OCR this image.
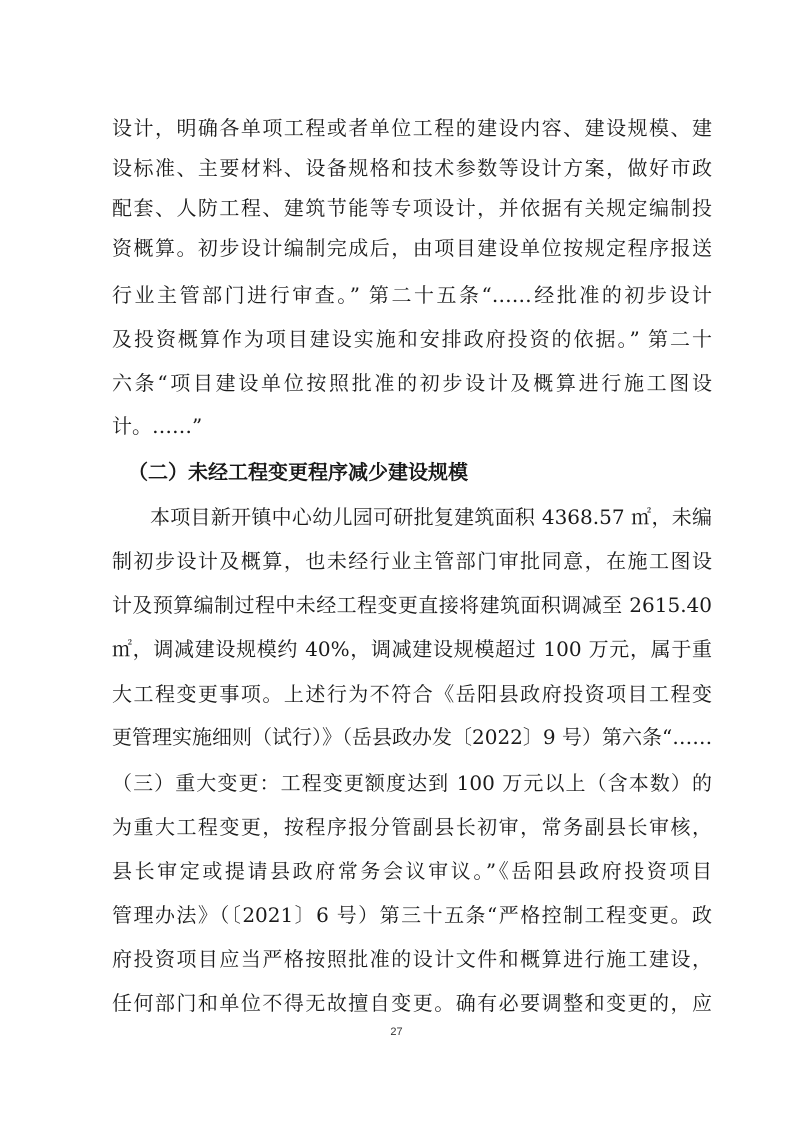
设计，明确各单项工程或者单位工程的建设内容、建设规模、建
设标准、主要材料、设备规格和技术参数等设计方案，做好市政
配套、人防工程、建筑节能等专项设计，并依据有关规定编制投
资概算。初步设计编制完成后，由项目建设单位按规定程序报送
行业主管部门进行审查。” 第二十五条“……经批准的初步设计
及投资概算作为项目建设实施和安排政府投资的依据。” 第二十
六条“项目建设单位按照批准的初步设计及概算进行施工图设
计。……”
（二）未经工程变更程序减少建设规模
本项目新开镇中心幼儿园可研批复建筑面积 4368.57 ㎡，未编
制初步设计及概算，也未经行业主管部门审批同意，在施工图设
计及预算编制过程中未经工程变更直接将建筑面积调减至 2615.40
㎡，调减建设规模约 40%，调减建设规模超过 100 万元，属于重
大工程变更事项。上述行为不符合《岳阳县政府投资项目工程变
更管理实施细则（试行）》（岳县政办发〔2022〕9 号）第六条“……
（三）重大变更：工程变更额度达到 100 万元以上（含本数）的
为重大工程变更，按程序报分管副县长初审，常务副县长审核，
县长审定或提请县政府常务会议审议。”《岳阳县政府投资项目
管理办法》（〔2021〕6 号）第三十五条“严格控制工程变更。政
府投资项目应当严格按照批准的设计文件和概算进行施工建设，
任何部门和单位不得无故擅自变更。确有必要调整和变更的，应
27
